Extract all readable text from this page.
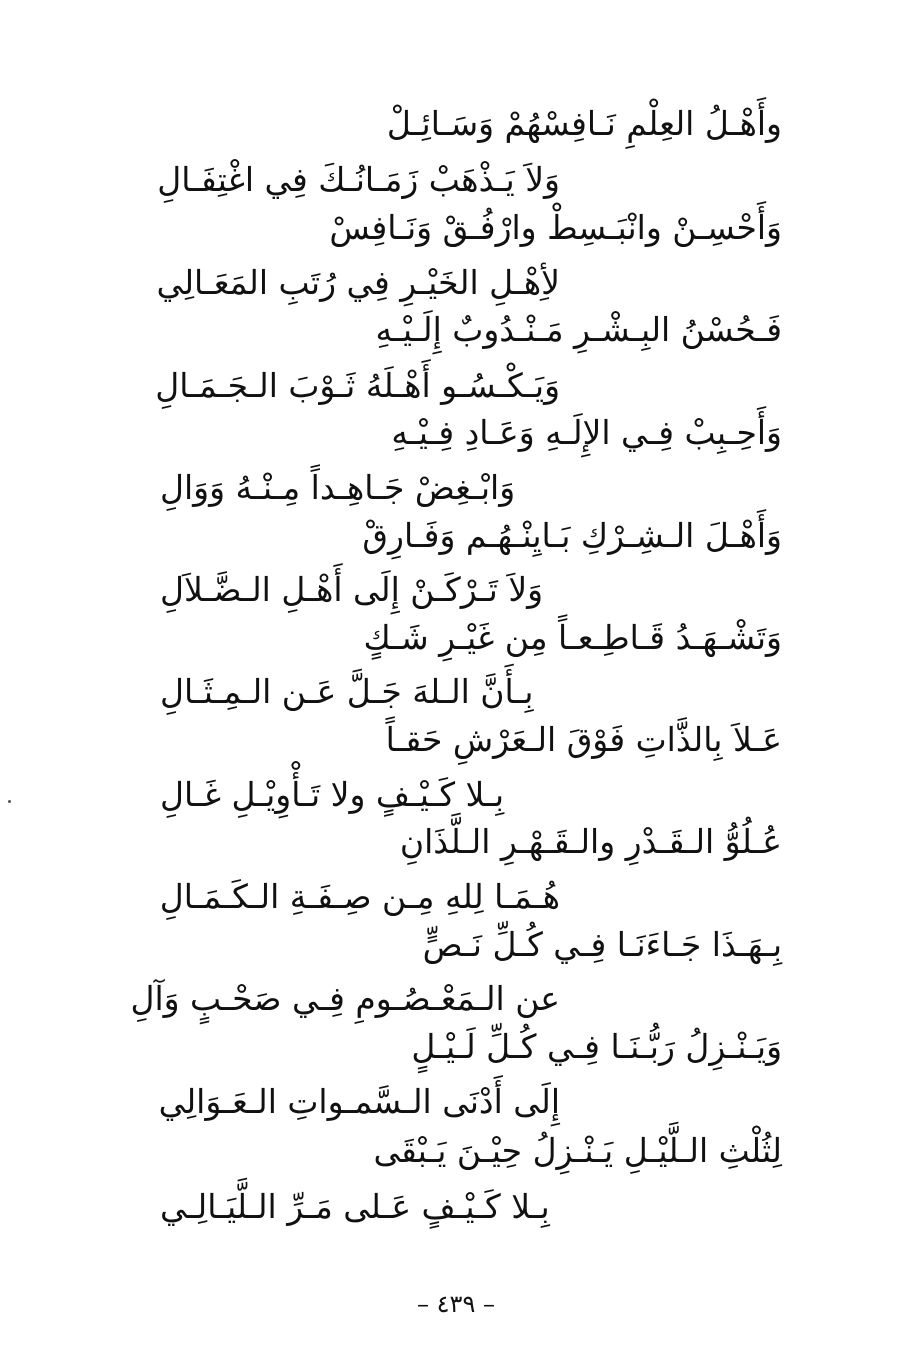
وأَهْـلُ العِلْمِ نَـافِسْهُمْ وَسَـائِـلْ
وَلاَ يَـذْهَبْ زَمَـانُـكَ فِي اغْتِفَـالِ
وَأَحْسِـنْ وانْبَـسِطْ وارْفُـقْ وَنَـافِسْ
لأِهْـلِ الخَيْـرِ فِي رُتَبِ المَعَـالِي
فَـحُسْنُ البِـشْـرِ مَـنْـدُوبٌ إِلَـيْـهِ
وَيَـكْـسُـو أَهْـلَهُ ثَـوْبَ الـجَـمَـالِ
وَأَحِـبِبْ فِـي الإِلَـهِ وَعَـادِ فِـيْـهِ
وَابْـغِضْ جَـاهِـداً مِـنْـهُ وَوَالِ
وَأَهْـلَ الـشِـرْكِ بَـايِنْـهُـم وَفَـارِقْ
وَلاَ تَـرْكَـنْ إِلَى أَهْـلِ الـضَّـلاَلِ
وَتَشْـهَـدُ قَـاطِـعـاً مِن غَيْـرِ شَـكٍ
بِـأَنَّ الـلهَ جَـلَّ عَـن الـمِـثَـالِ
عَـلاَ بِالذَّاتِ فَوْقَ الـعَرْشِ حَقـاً
بِـلا كَـيْـفٍ ولا تَـأْوِيْـلِ غَـالِ
عُـلُوُّ الـقَـدْرِ والـقَـهْـرِ الـلَّذَانِ
هُـمَـا لِلهِ مِـن صِـفَـةِ الـكَـمَـالِ
بِـهَـذَا جَـاءَنَـا فِـي كُـلِّ نَـصٍّ
عن الـمَعْـصُـومِ فِـي صَحْـبٍ وَآلِ
وَيَـنْـزِلُ رَبُّـنَـا فِـي كُـلِّ لَـيْـلٍ
إِلَى أَدْنَى الـسَّمـواتِ الـعَـوَالِي
لِثُلْثِ الـلَّيْـلِ يَـنْـزِلُ حِيْـنَ يَـبْقَى
بِـلا كَـيْـفٍ عَـلى مَـرِّ الـلَّيَـالِـي
– ٤٣٩ –
